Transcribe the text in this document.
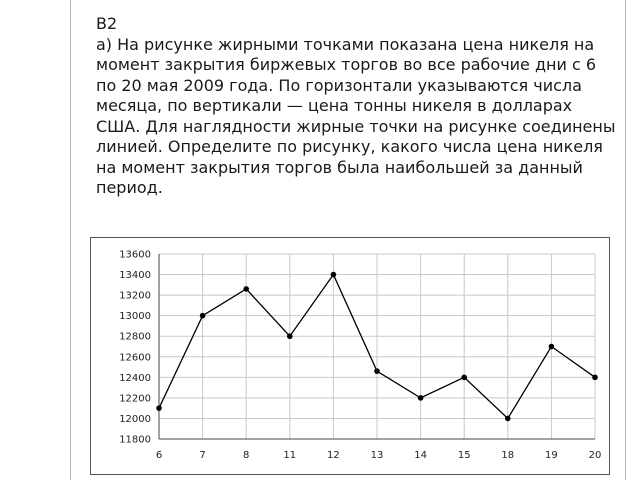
B2

а) На рисунке жирными точками показана цена никеля на момент закрытия биржевых торгов во все рабочие дни с 6 по 20 мая 2009 года. По горизонтали указываются числа месяца, по вертикали — цена тонны никеля в долларах США. Для наглядности жирные точки на рисунке соединены линией. Определите по рисунку, какого числа цена никеля на момент закрытия торгов была наибольшей за данный период.

11800
12000
12200
12400
12600
12800
13000
13200
13400
13600
6	7	8	11	12	13	14	15	18	19	20
